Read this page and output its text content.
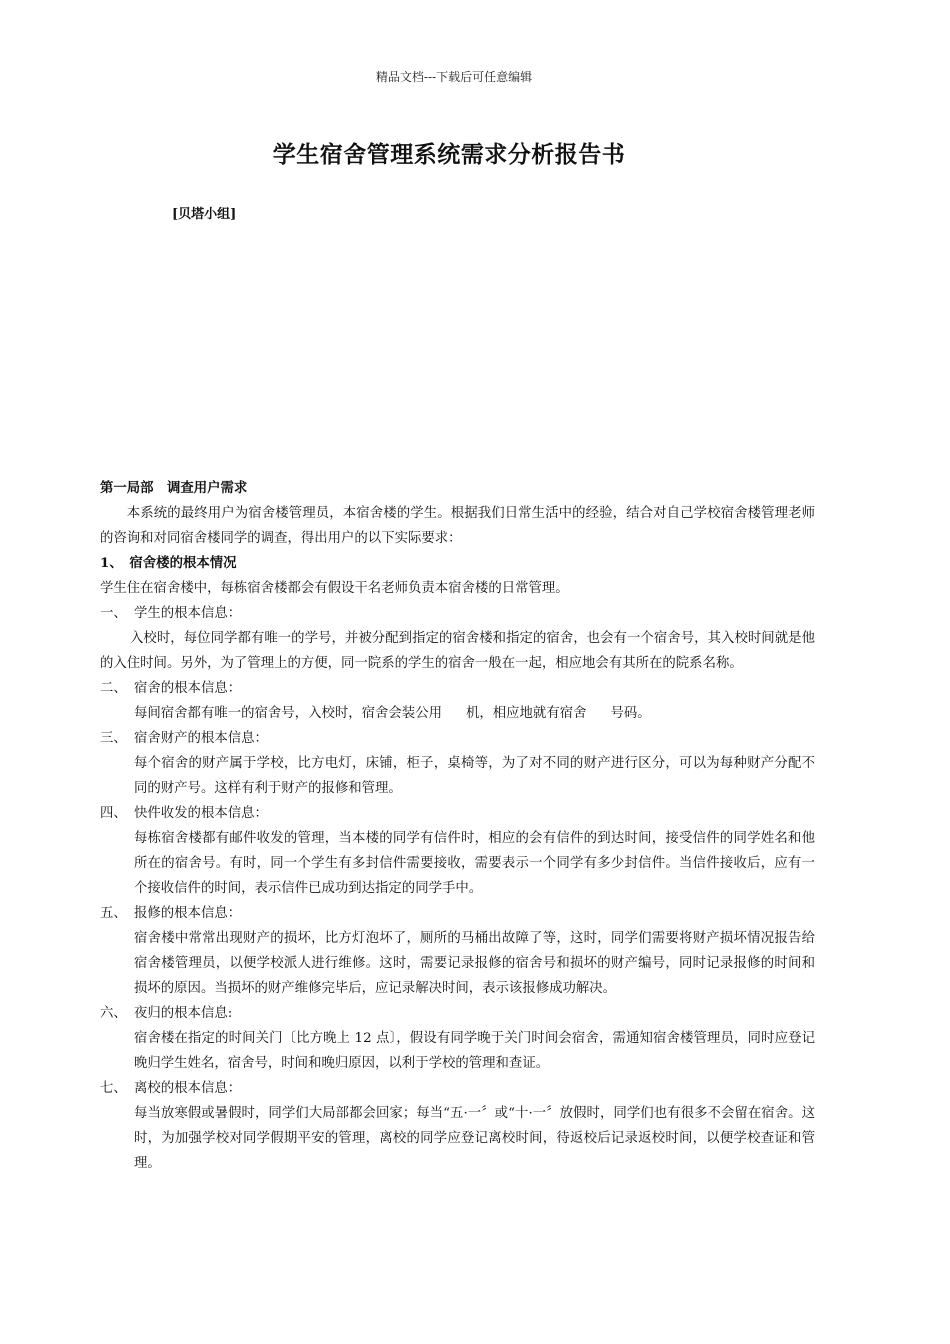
精品文档---下载后可任意编辑
学生宿舍管理系统需求分析报告书
[贝塔小组]
第一局部　调查用户需求
本系统的最终用户为宿舍楼管理员，本宿舍楼的学生。根据我们日常生活中的经验，结合对自己学校宿舍楼管理老师的咨询和对同宿舍楼同学的调查，得出用户的以下实际要求：
1、　宿舍楼的根本情况
学生住在宿舍楼中，每栋宿舍楼都会有假设干名老师负责本宿舍楼的日常管理。
一、 学生的根本信息：
入校时，每位同学都有唯一的学号，并被分配到指定的宿舍楼和指定的宿舍，也会有一个宿舍号，其入校时间就是他的入住时间。另外，为了管理上的方便，同一院系的学生的宿舍一般在一起，相应地会有其所在的院系名称。
二、 宿舍的根本信息：
每间宿舍都有唯一的宿舍号，入校时，宿舍会装公用 机，相应地就有宿舍 号码。
三、 宿舍财产的根本信息：
每个宿舍的财产属于学校，比方电灯，床铺，柜子，桌椅等，为了对不同的财产进行区分，可以为每种财产分配不同的财产号。这样有利于财产的报修和管理。
四、 快件收发的根本信息：
每栋宿舍楼都有邮件收发的管理，当本楼的同学有信件时，相应的会有信件的到达时间，接受信件的同学姓名和他所在的宿舍号。有时，同一个学生有多封信件需要接收，需要表示一个同学有多少封信件。当信件接收后，应有一个接收信件的时间，表示信件已成功到达指定的同学手中。
五、 报修的根本信息：
宿舍楼中常常出现财产的损坏，比方灯泡坏了，厕所的马桶出故障了等，这时，同学们需要将财产损坏情况报告给宿舍楼管理员，以便学校派人进行维修。这时，需要记录报修的宿舍号和损坏的财产编号，同时记录报修的时间和损坏的原因。当损坏的财产维修完毕后，应记录解决时间，表示该报修成功解决。
六、 夜归的根本信息:
宿舍楼在指定的时间关门〔比方晚上 12 点〕，假设有同学晚于关门时间会宿舍，需通知宿舍楼管理员，同时应登记晚归学生姓名，宿舍号，时间和晚归原因，以利于学校的管理和查证。
七、 离校的根本信息：
每当放寒假或暑假时，同学们大局部都会回家；每当“五·一〞或“十·一〞放假时，同学们也有很多不会留在宿舍。这时，为加强学校对同学假期平安的管理，离校的同学应登记离校时间，待返校后记录返校时间，以便学校查证和管理。
